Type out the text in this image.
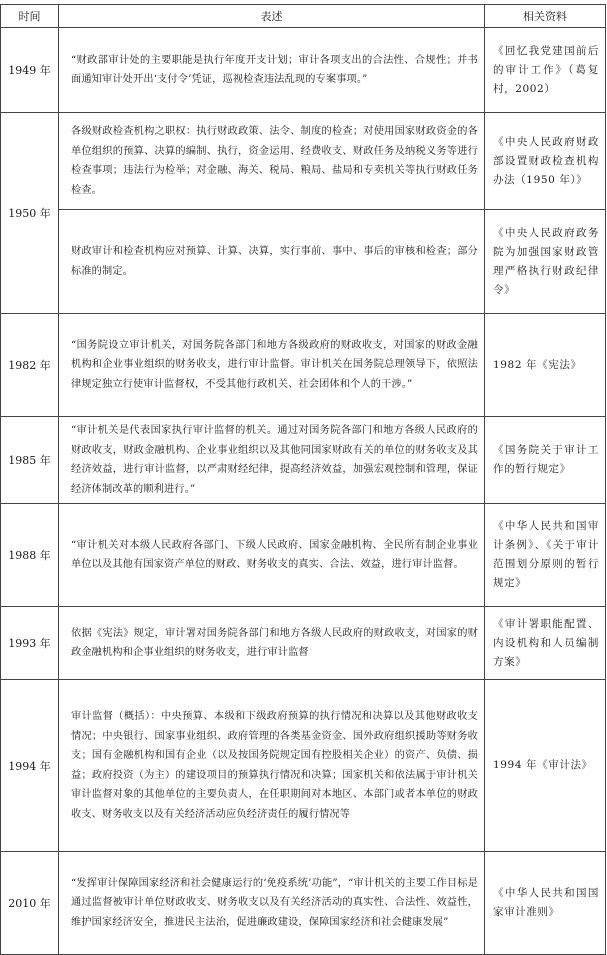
时间	表述	相关资料
1949 年	“财政部审计处的主要职能是执行年度开支计划；审计各项支出的合法性、合规性；并书面通知审计处开出‘支付令’凭证，巡视检查违法乱现的专案事项。”	《回忆我党建国前后的审计工作》（葛复村，2002）

1950 年	各级财政检查机构之职权：执行财政政策、法令、制度的检查；对使用国家财政资金的各单位组织的预算、决算的编制、执行，资金运用、经费收支、财政任务及纳税义务等进行检查事项；违法行为检举；对金融、海关、税局、粮局、盐局和专卖机关等执行财政任务检查。	《中央人民政府财政部设置财政检查机构办法（1950 年）》

	财政审计和检查机构应对预算、计算、决算，实行事前、事中、事后的审核和检查；部分标准的制定。	《中央人民政府政务院为加强国家财政管理严格执行财政纪律令》

1982 年	“国务院设立审计机关，对国务院各部门和地方各级政府的财政收支，对国家的财政金融机构和企业事业组织的财务收支，进行审计监督。审计机关在国务院总理领导下，依照法律规定独立行使审计监督权，不受其他行政机关、社会团体和个人的干涉。”	1982 年《宪法》

1985 年	“审计机关是代表国家执行审计监督的机关。通过对国务院各部门和地方各级人民政府的财政收支，财政金融机构、企业事业组织以及其他同国家财政有关的单位的财务收支及其经济效益，进行审计监督，以严肃财经纪律，提高经济效益，加强宏观控制和管理，保证经济体制改革的顺利进行。”	《国务院关于审计工作的暂行规定》

1988 年	“审计机关对本级人民政府各部门、下级人民政府、国家金融机构、全民所有制企业事业单位以及其他有国家资产单位的财政、财务收支的真实、合法、效益，进行审计监督。	《中华人民共和国审计条例》、《关于审计范围划分原则的暂行规定》

1993 年	依据《宪法》规定，审计署对国务院各部门和地方各级人民政府的财政收支，对国家的财政金融机构和企事业组织的财务收支，进行审计监督	《审计署职能配置、内设机构和人员编制方案》

1994 年	审计监督（概括）：中央预算、本级和下级政府预算的执行情况和决算以及其他财政收支情况；中央银行、国家事业组织、政府管理的各类基金资金、国外政府组织援助等财务收支；国有金融机构和国有企业（以及按国务院规定国有控股相关企业）的资产、负债、损益；政府投资（为主）的建设项目的预算执行情况和决算；国家机关和依法属于审计机关审计监督对象的其他单位的主要负责人，在任职期间对本地区、本部门或者本单位的财政收支、财务收支以及有关经济活动应负经济责任的履行情况等	1994 年《审计法》

2010 年	“发挥审计保障国家经济和社会健康运行的‘免疫系统’功能”，“审计机关的主要工作目标是通过监督被审计单位财政收支、财务收支以及有关经济活动的真实性、合法性、效益性，维护国家经济安全，推进民主法治，促进廉政建设，保障国家经济和社会健康发展”	《中华人民共和国国家审计准则》
